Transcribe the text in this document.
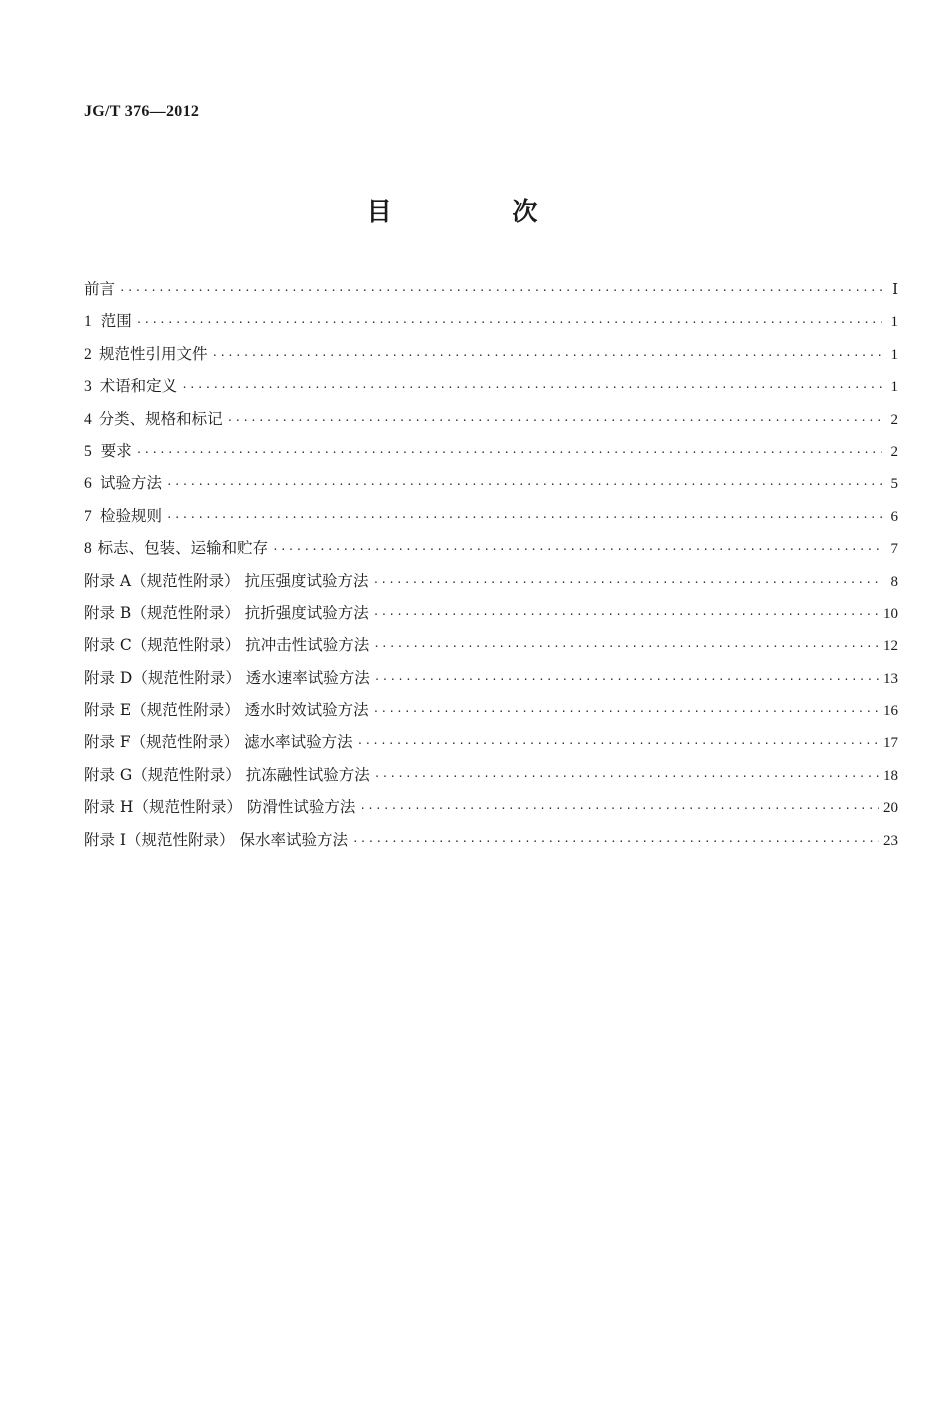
JG/T 376—2012
目 次
前言 ·····	Ⅰ
1 范围 ·····	1
2 规范性引用文件 ·····	1
3 术语和定义 ·····	1
4 分类、规格和标记 ·····	2
5 要求 ·····	2
6 试验方法 ·····	5
7 检验规则 ·····	6
8 标志、包装、运输和贮存 ·····	7
附录 A（规范性附录） 抗压强度试验方法 ·····	8
附录 B（规范性附录） 抗折强度试验方法 ·····	10
附录 C（规范性附录） 抗冲击性试验方法 ·····	12
附录 D（规范性附录） 透水速率试验方法 ·····	13
附录 E（规范性附录） 透水时效试验方法 ·····	16
附录 F（规范性附录） 滤水率试验方法 ·····	17
附录 G（规范性附录） 抗冻融性试验方法 ·····	18
附录 H（规范性附录） 防滑性试验方法 ·····	20
附录 I（规范性附录） 保水率试验方法 ·····	23
